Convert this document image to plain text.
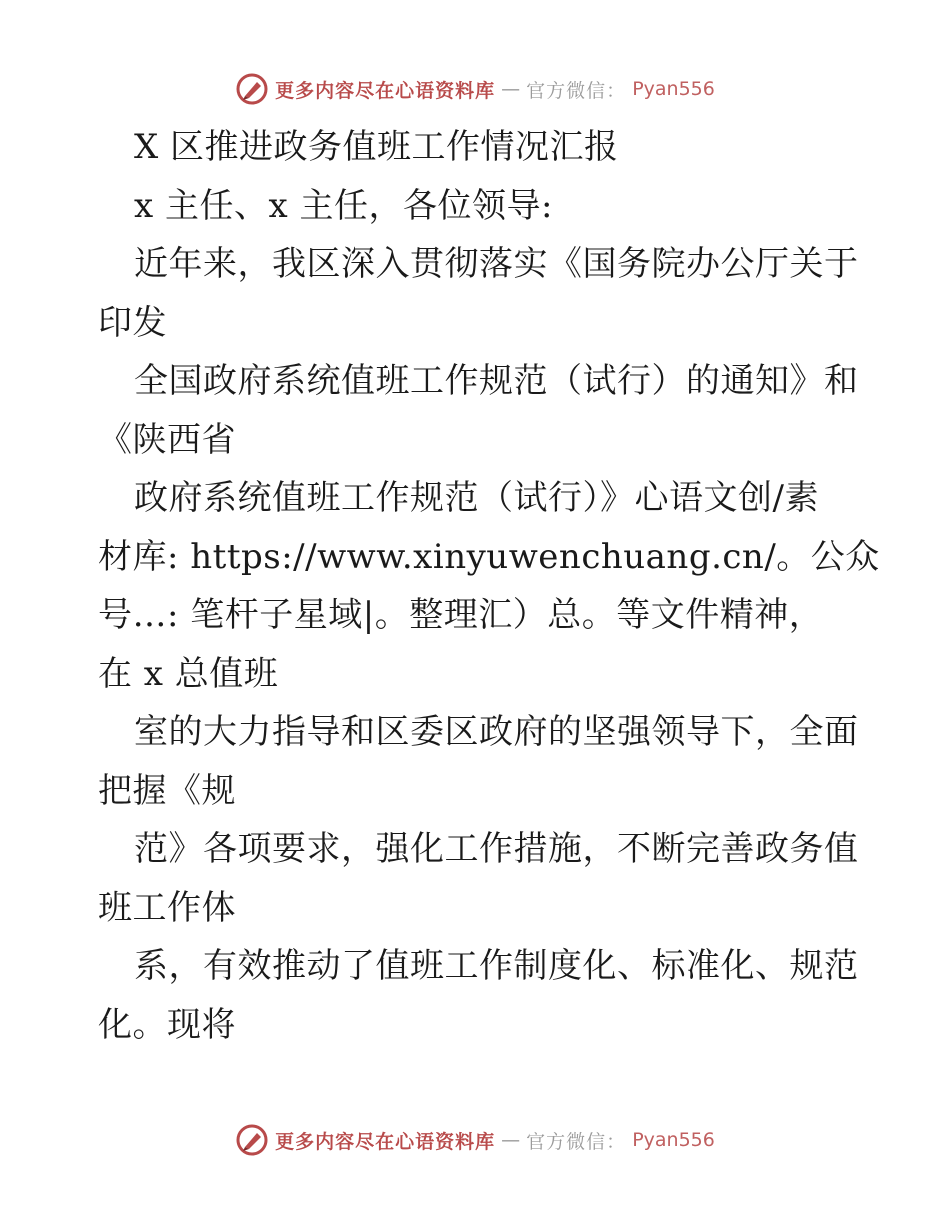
更多内容尽在心语资料库 — 官方微信： Pyan556
X 区推进政务值班工作情况汇报
x 主任、x 主任，各位领导:
近年来，我区深入贯彻落实《国务院办公厅关于
印发
全国政府系统值班工作规范（试行）的通知》和
《陕西省
政府系统值班工作规范（试行）》心语文创/素
材库: https://www.xinyuwenchuang.cn/。公众
号…: 笔杆子星域|。整理汇）总。等文件精神，
在 x 总值班
室的大力指导和区委区政府的坚强领导下，全面
把握《规
范》各项要求，强化工作措施，不断完善政务值
班工作体
系，有效推动了值班工作制度化、标准化、规范
化。现将
更多内容尽在心语资料库 — 官方微信： Pyan556
